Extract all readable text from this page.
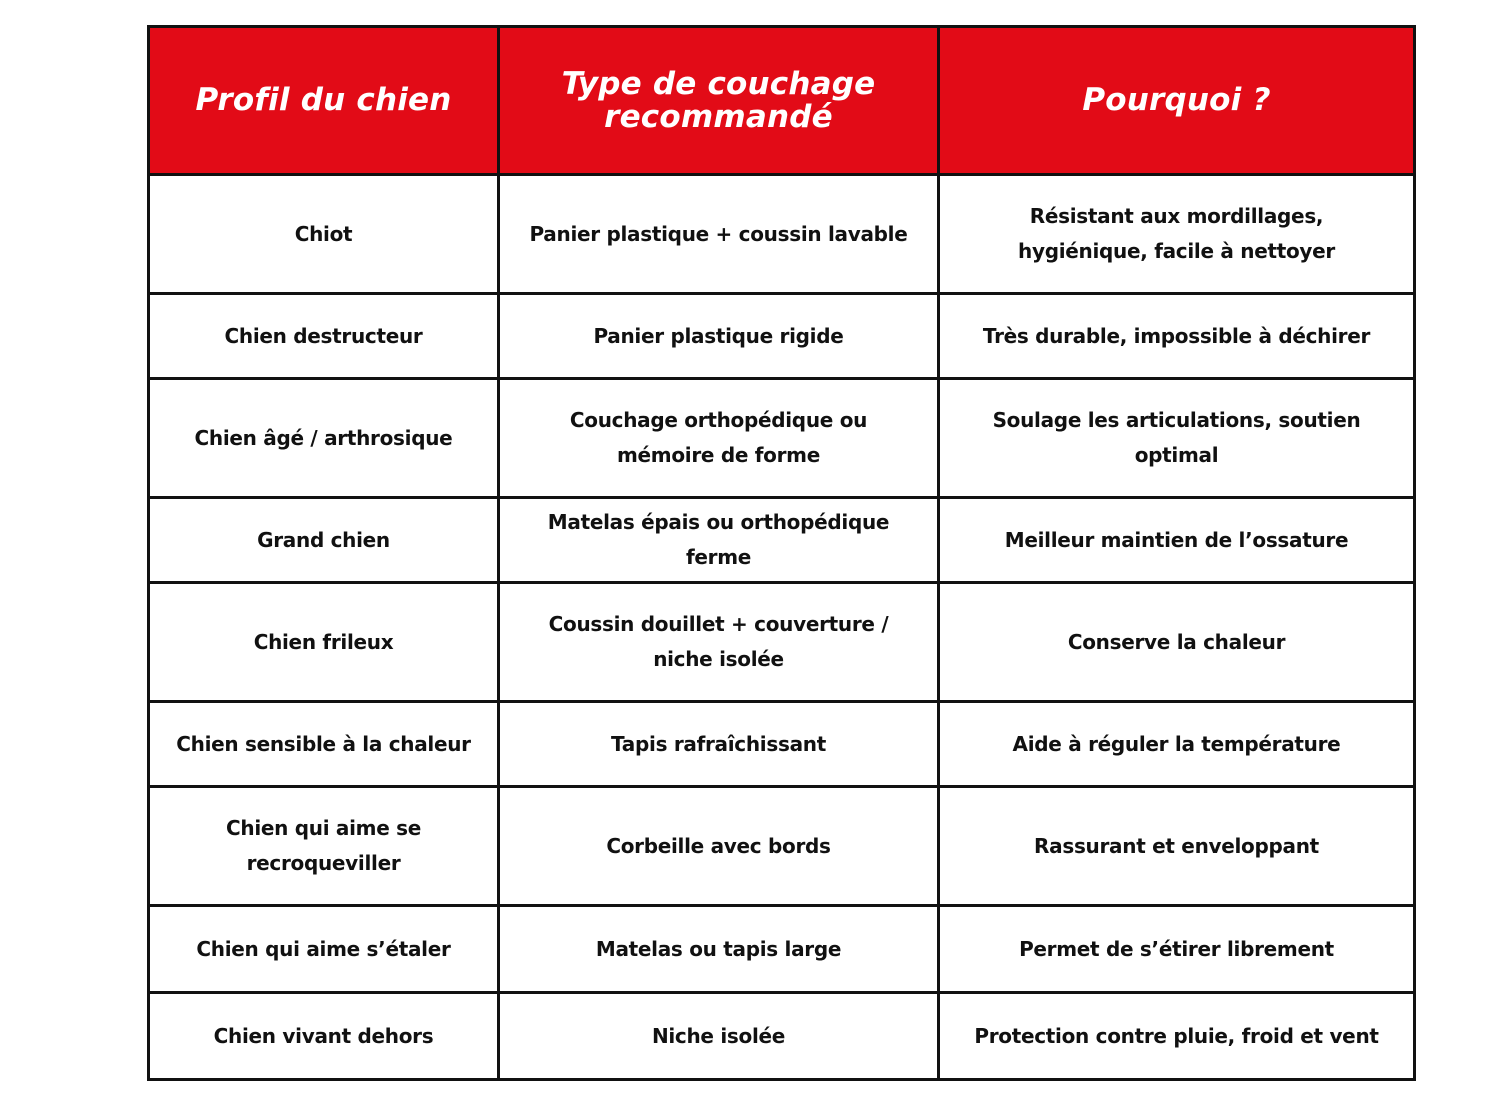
Profil du chien	Type de couchage recommandé	Pourquoi ?
Chiot	Panier plastique + coussin lavable	Résistant aux mordillages, hygiénique, facile à nettoyer
Chien destructeur	Panier plastique rigide	Très durable, impossible à déchirer
Chien âgé / arthrosique	Couchage orthopédique ou mémoire de forme	Soulage les articulations, soutien optimal
Grand chien	Matelas épais ou orthopédique ferme	Meilleur maintien de l’ossature
Chien frileux	Coussin douillet + couverture / niche isolée	Conserve la chaleur
Chien sensible à la chaleur	Tapis rafraîchissant	Aide à réguler la température
Chien qui aime se recroqueviller	Corbeille avec bords	Rassurant et enveloppant
Chien qui aime s’étaler	Matelas ou tapis large	Permet de s’étirer librement
Chien vivant dehors	Niche isolée	Protection contre pluie, froid et vent
